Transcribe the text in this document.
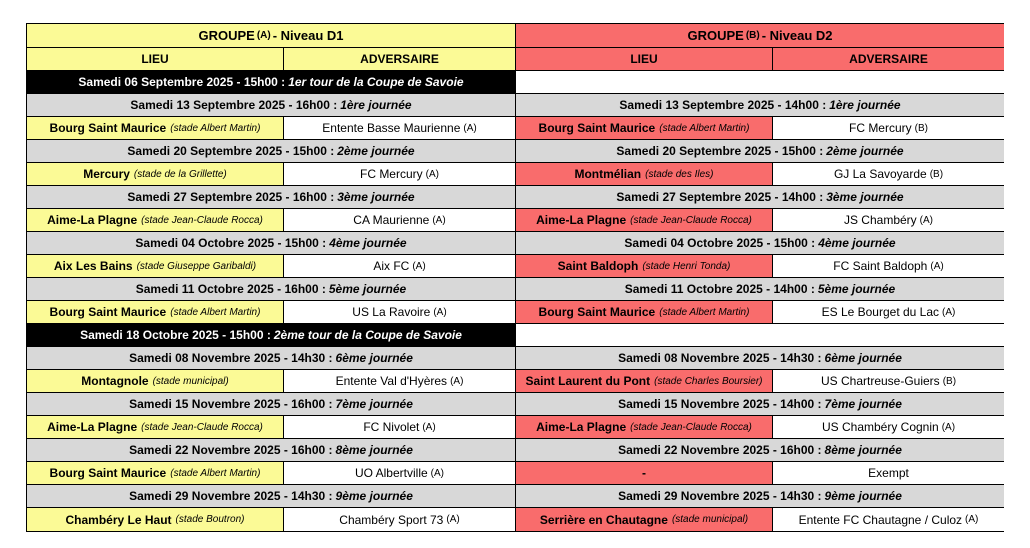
GROUPE (A) - Niveau D1	GROUPE (B) - Niveau D2
LIEU	ADVERSAIRE	LIEU	ADVERSAIRE
Samedi 06 Septembre 2025 - 15h00 : 1er tour de la Coupe de Savoie
Samedi 13 Septembre 2025 - 16h00 : 1ère journée	Samedi 13 Septembre 2025 - 14h00 : 1ère journée
Bourg Saint Maurice (stade Albert Martin)	Entente Basse Maurienne (A)	Bourg Saint Maurice (stade Albert Martin)	FC Mercury (B)
Samedi 20 Septembre 2025 - 15h00 : 2ème journée	Samedi 20 Septembre 2025 - 15h00 : 2ème journée
Mercury (stade de la Grillette)	FC Mercury (A)	Montmélian (stade des Iles)	GJ La Savoyarde (B)
Samedi 27 Septembre 2025 - 16h00 : 3ème journée	Samedi 27 Septembre 2025 - 14h00 : 3ème journée
Aime-La Plagne (stade Jean-Claude Rocca)	CA Maurienne (A)	Aime-La Plagne (stade Jean-Claude Rocca)	JS Chambéry (A)
Samedi 04 Octobre 2025 - 15h00 : 4ème journée	Samedi 04 Octobre 2025 - 15h00 : 4ème journée
Aix Les Bains (stade Giuseppe Garibaldi)	Aix FC (A)	Saint Baldoph (stade Henri Tonda)	FC Saint Baldoph (A)
Samedi 11 Octobre 2025 - 16h00 : 5ème journée	Samedi 11 Octobre 2025 - 14h00 : 5ème journée
Bourg Saint Maurice (stade Albert Martin)	US La Ravoire (A)	Bourg Saint Maurice (stade Albert Martin)	ES Le Bourget du Lac (A)
Samedi 18 Octobre 2025 - 15h00 : 2ème tour de la Coupe de Savoie
Samedi 08 Novembre 2025 - 14h30 : 6ème journée	Samedi 08 Novembre 2025 - 14h30 : 6ème journée
Montagnole (stade municipal)	Entente Val d'Hyères (A)	Saint Laurent du Pont (stade Charles Boursier)	US Chartreuse-Guiers (B)
Samedi 15 Novembre 2025 - 16h00 : 7ème journée	Samedi 15 Novembre 2025 - 14h00 : 7ème journée
Aime-La Plagne (stade Jean-Claude Rocca)	FC Nivolet (A)	Aime-La Plagne (stade Jean-Claude Rocca)	US Chambéry Cognin (A)
Samedi 22 Novembre 2025 - 16h00 : 8ème journée	Samedi 22 Novembre 2025 - 16h00 : 8ème journée
Bourg Saint Maurice (stade Albert Martin)	UO Albertville (A)	-	Exempt
Samedi 29 Novembre 2025 - 14h30 : 9ème journée	Samedi 29 Novembre 2025 - 14h30 : 9ème journée
Chambéry Le Haut (stade Boutron)	Chambéry Sport 73 (A)	Serrière en Chautagne (stade municipal)	Entente FC Chautagne / Culoz (A)
